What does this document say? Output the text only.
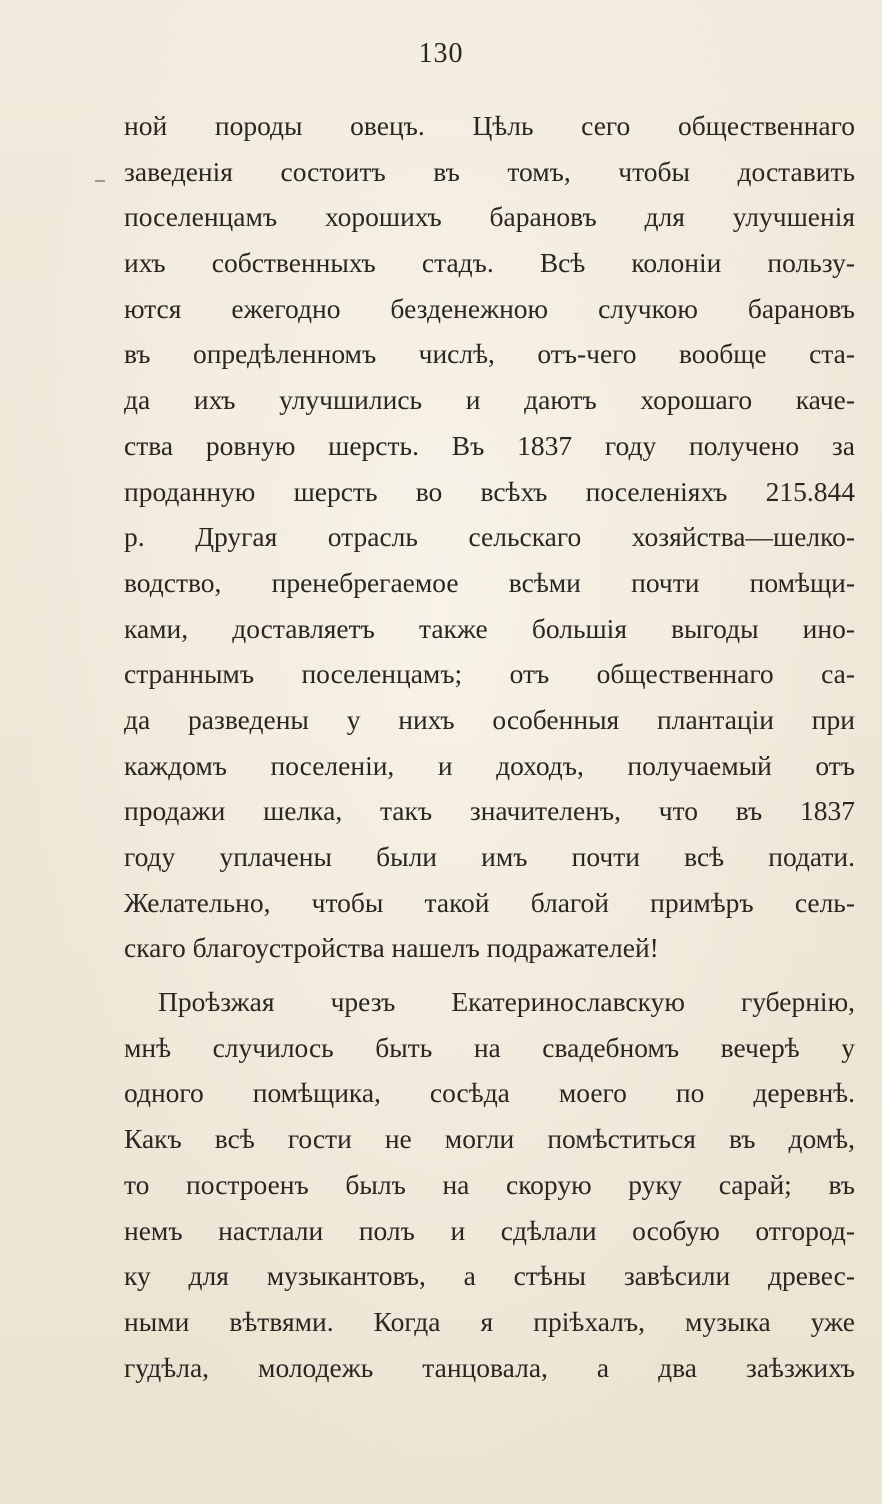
130
ной породы овецъ. Цѣль сего общественнаго
заведенія состоитъ въ томъ, чтобы доставить
поселенцамъ хорошихъ барановъ для улучшенія
ихъ собственныхъ стадъ. Всѣ колоніи пользу-
ются ежегодно безденежною случкою барановъ
въ опредѣленномъ числѣ, отъ-чего вообще ста-
да ихъ улучшились и даютъ хорошаго каче-
ства ровную шерсть. Въ 1837 году получено за
проданную шерсть во всѣхъ поселеніяхъ 215.844
р. Другая отрасль сельскаго хозяйства—шелко-
водство, пренебрегаемое всѣми почти помѣщи-
ками, доставляетъ также большія выгоды ино-
страннымъ поселенцамъ; отъ общественнаго са-
да разведены у нихъ особенныя плантаціи при
каждомъ поселеніи, и доходъ, получаемый отъ
продажи шелка, такъ значителенъ, что въ 1837
году уплачены были имъ почти всѣ подати.
Желательно, чтобы такой благой примѣръ сель-
скаго благоустройства нашелъ подражателей!
Проѣзжая чрезъ Екатеринославскую губернію,
мнѣ случилось быть на свадебномъ вечерѣ у
одного помѣщика, сосѣда моего по деревнѣ.
Какъ всѣ гости не могли помѣститься въ домѣ,
то построенъ былъ на скорую руку сарай; въ
немъ настлали полъ и сдѣлали особую отгород-
ку для музыкантовъ, а стѣны завѣсили древес-
ными вѣтвями. Когда я пріѣхалъ, музыка уже
гудѣла, молодежь танцовала, а два заѣзжихъ
